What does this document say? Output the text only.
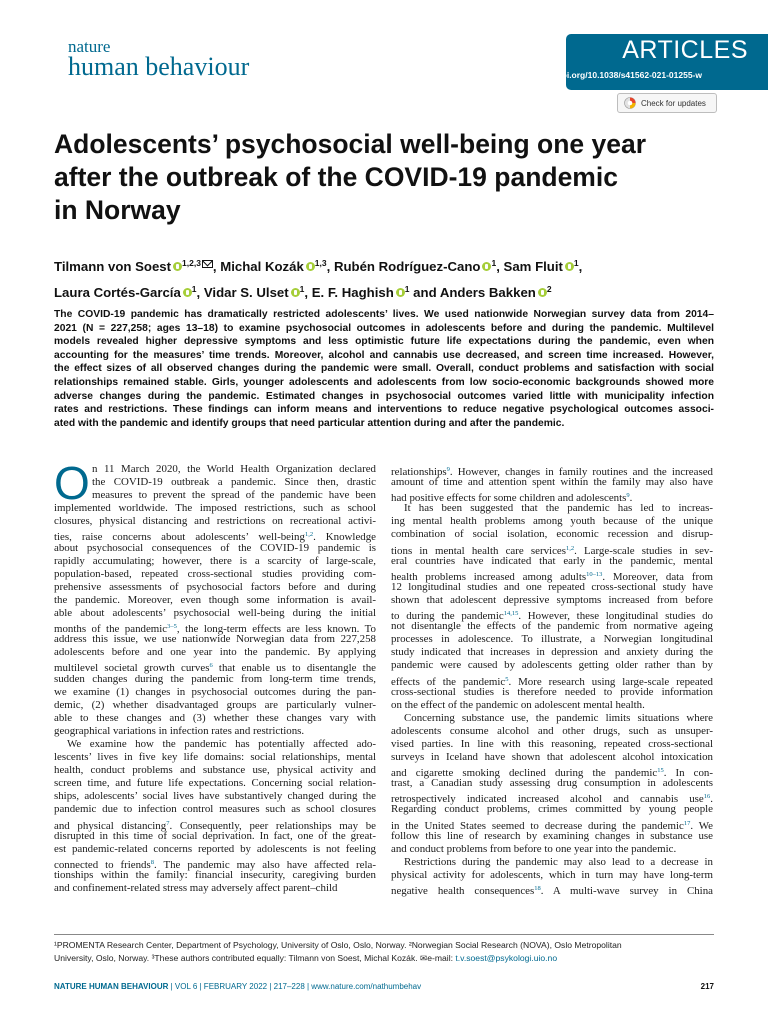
nature
human behaviour
ARTICLES
https://doi.org/10.1038/s41562-021-01255-w
Check for updates
Adolescents’ psychosocial well-being one year
after the outbreak of the COVID-19 pandemic
in Norway
Tilmann von Soest $^{1,2,3}$ , Michal Kozák $^{1,3}$, Rubén Rodríguez-Cano $^1$, Sam Fluit $^1$,
Laura Cortés-García $^1$, Vidar S. Ulset $^1$, E. F. Haghish $^1$ and Anders Bakken $^2$
The COVID-19 pandemic has dramatically restricted adolescents’ lives. We used nationwide Norwegian survey data from 2014–
2021 (N = 227,258; ages 13–18) to examine psychosocial outcomes in adolescents before and during the pandemic. Multilevel
models revealed higher depressive symptoms and less optimistic future life expectations during the pandemic, even when
accounting for the measures’ time trends. Moreover, alcohol and cannabis use decreased, and screen time increased. However,
the effect sizes of all observed changes during the pandemic were small. Overall, conduct problems and satisfaction with social
relationships remained stable. Girls, younger adolescents and adolescents from low socio-economic backgrounds showed more
adverse changes during the pandemic. Estimated changes in psychosocial outcomes varied little with municipality infection
rates and restrictions. These findings can inform means and interventions to reduce negative psychological outcomes associ-
ated with the pandemic and identify groups that need particular attention during and after the pandemic.
O n 11 March 2020, the World Health Organization declared
the COVID-19 outbreak a pandemic. Since then, drastic
measures to prevent the spread of the pandemic have been
implemented worldwide. The imposed restrictions, such as school
closures, physical distancing and restrictions on recreational activi-
ties, raise concerns about adolescents’ well-being$^{1,2}$. Knowledge
about psychosocial consequences of the COVID-19 pandemic is
rapidly accumulating; however, there is a scarcity of large-scale,
population-based, repeated cross-sectional studies providing com-
prehensive assessments of psychosocial factors before and during
the pandemic. Moreover, even though some information is avail-
able about adolescents’ psychosocial well-being during the initial
months of the pandemic$^{3-5}$, the long-term effects are less known. To
address this issue, we use nationwide Norwegian data from 227,258
adolescents before and one year into the pandemic. By applying
multilevel societal growth curves$^6$ that enable us to disentangle the
sudden changes during the pandemic from long-term time trends,
we examine (1) changes in psychosocial outcomes during the pan-
demic, (2) whether disadvantaged groups are particularly vulner-
able to these changes and (3) whether these changes vary with
geographical variations in infection rates and restrictions.
We examine how the pandemic has potentially affected ado-
lescents’ lives in five key life domains: social relationships, mental
health, conduct problems and substance use, physical activity and
screen time, and future life expectations. Concerning social relation-
ships, adolescents’ social lives have substantively changed during the
pandemic due to infection control measures such as school closures
and physical distancing$^7$. Consequently, peer relationships may be
disrupted in this time of social deprivation. In fact, one of the great-
est pandemic-related concerns reported by adolescents is not feeling
connected to friends$^8$. The pandemic may also have affected rela-
tionships within the family: financial insecurity, caregiving burden
and confinement-related stress may adversely affect parent–child
relationships$^9$. However, changes in family routines and the increased
amount of time and attention spent within the family may also have
had positive effects for some children and adolescents$^9$.
It has been suggested that the pandemic has led to increas-
ing mental health problems among youth because of the unique
combination of social isolation, economic recession and disrup-
tions in mental health care services$^{1,2}$. Large-scale studies in sev-
eral countries have indicated that early in the pandemic, mental
health problems increased among adults$^{10-13}$. Moreover, data from
12 longitudinal studies and one repeated cross-sectional study have
shown that adolescent depressive symptoms increased from before
to during the pandemic$^{14,15}$. However, these longitudinal studies do
not disentangle the effects of the pandemic from normative ageing
processes in adolescence. To illustrate, a Norwegian longitudinal
study indicated that increases in depression and anxiety during the
pandemic were caused by adolescents getting older rather than by
effects of the pandemic$^5$. More research using large-scale repeated
cross-sectional studies is therefore needed to provide information
on the effect of the pandemic on adolescent mental health.
Concerning substance use, the pandemic limits situations where
adolescents consume alcohol and other drugs, such as unsuper-
vised parties. In line with this reasoning, repeated cross-sectional
surveys in Iceland have shown that adolescent alcohol intoxication
and cigarette smoking declined during the pandemic$^{15}$. In con-
trast, a Canadian study assessing drug consumption in adolescents
retrospectively indicated increased alcohol and cannabis use$^{16}$.
Regarding conduct problems, crimes committed by young people
in the United States seemed to decrease during the pandemic$^{17}$. We
follow this line of research by examining changes in substance use
and conduct problems from before to one year into the pandemic.
Restrictions during the pandemic may also lead to a decrease in
physical activity for adolescents, which in turn may have long-term
negative health consequences$^{18}$. A multi-wave survey in China
¹PROMENTA Research Center, Department of Psychology, University of Oslo, Oslo, Norway. ²Norwegian Social Research (NOVA), Oslo Metropolitan
University, Oslo, Norway. ³These authors contributed equally: Tilmann von Soest, Michal Kozák. ✉e-mail: t.v.soest@psykologi.uio.no
NATURE HUMAN BEHAVIOUR | VOL 6 | FEBRUARY 2022 | 217–228 | www.nature.com/nathumbehav	217
